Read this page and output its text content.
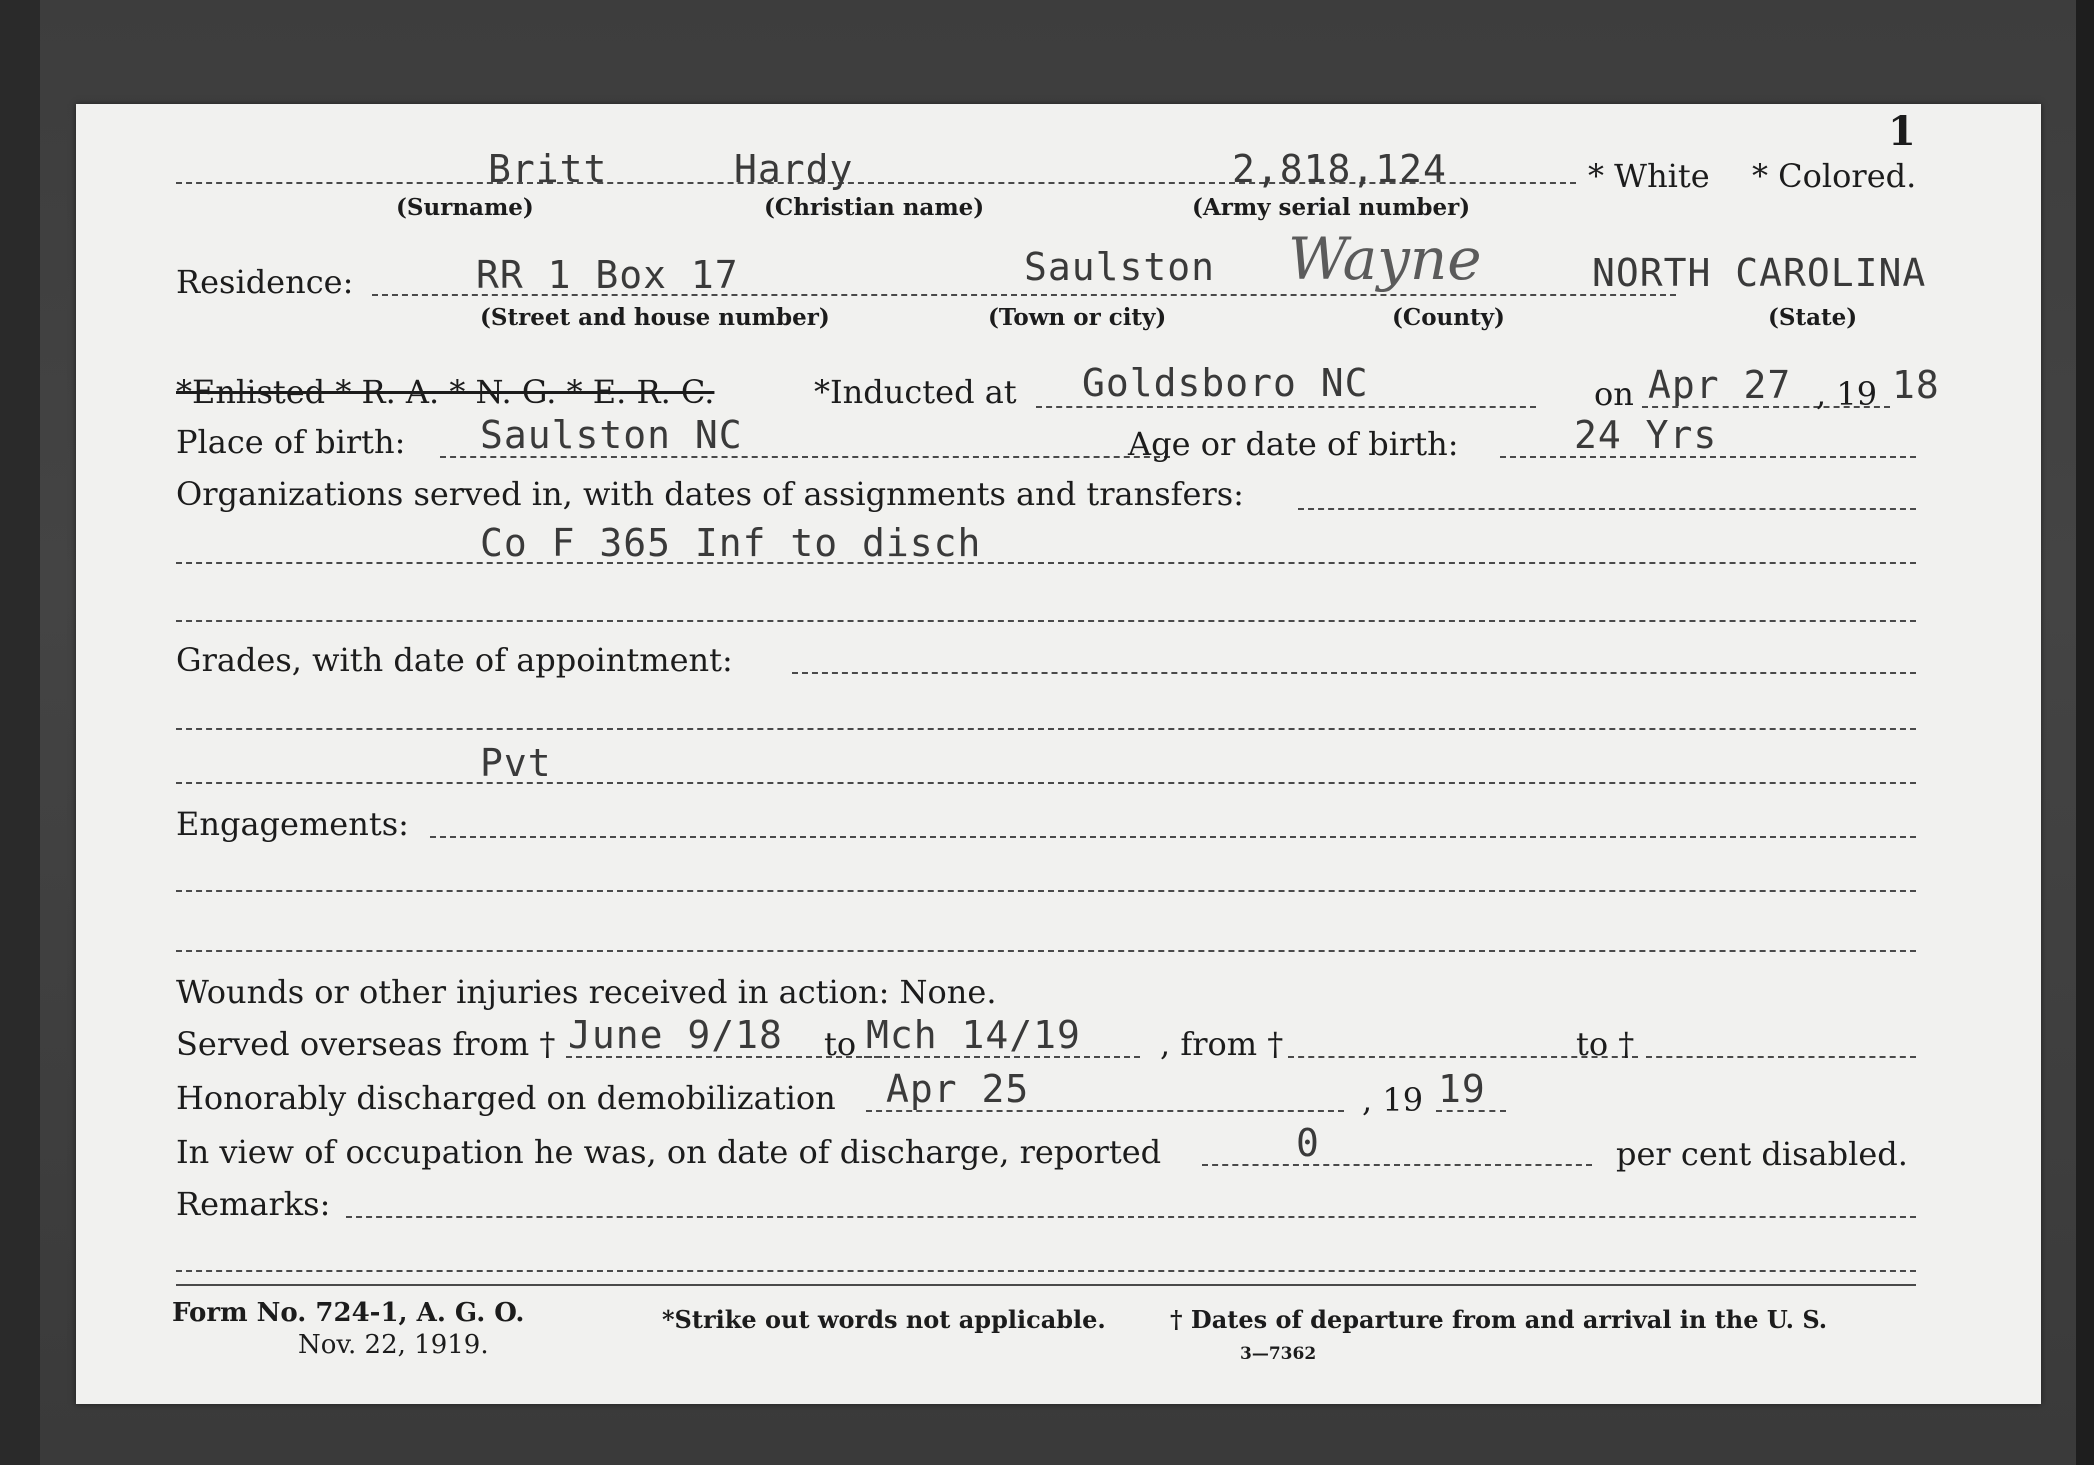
1
Britt	Hardy	2,818,124	* White * Colored.
(Surname)	(Christian name)	(Army serial number)
Residence:	RR 1 Box 17	Saulston Wayne	NORTH CAROLINA
(Street and house number)	(Town or city)	(County)	(State)
*Enlisted * R. A. * N. G. * E. R. C.	*Inducted at Goldsboro NC	on Apr 27 , 19 18
Place of birth: Saulston NC	Age or date of birth:	24 Yrs
Organizations served in, with dates of assignments and transfers:
Co F 365 Inf to disch
Grades, with date of appointment:
Pvt
Engagements:
Wounds or other injuries received in action: None.
Served overseas from † June 9/18 to Mch 14/19 , from †	to †
Honorably discharged on demobilization Apr 25	, 19 19
In view of occupation he was, on date of discharge, reported	0	per cent disabled.
Remarks:
Form No. 724-1, A. G. O.
Nov. 22, 1919.
*Strike out words not applicable.	† Dates of departure from and arrival in the U. S.
3—7362
